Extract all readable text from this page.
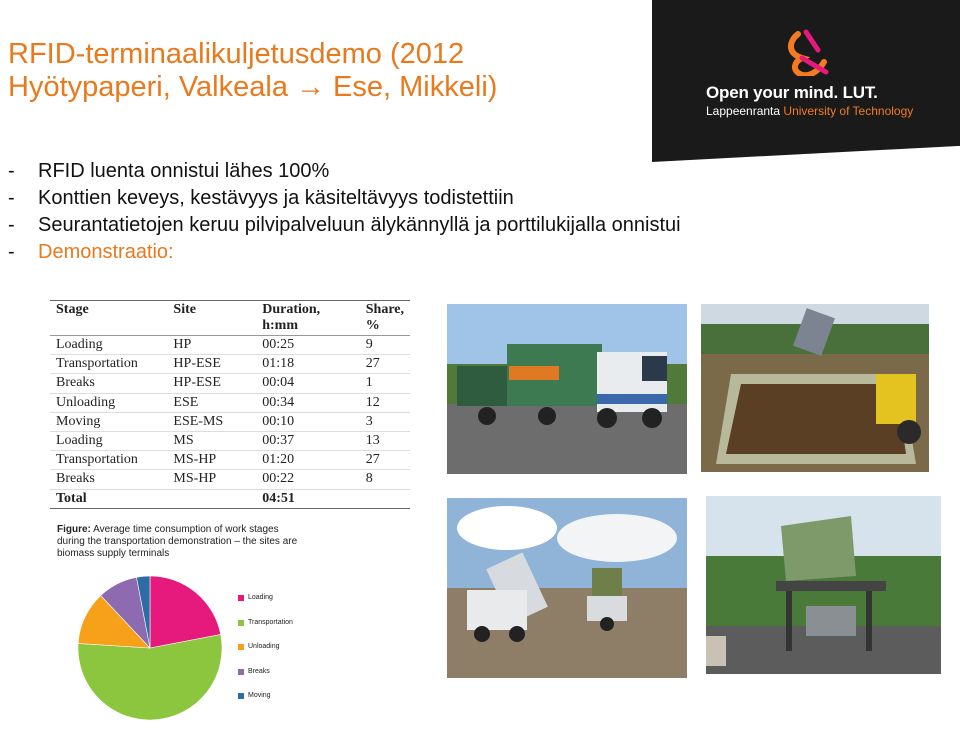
RFID-terminaalikuljetusdemo (2012
Hyötypaperi, Valkeala → Ese, Mikkeli)	Open your mind. LUT.
Lappeenranta University of Technology
-	RFID luenta onnistui lähes 100%
-	Konttien keveys, kestävyys ja käsiteltävyys todistettiin
-	Seurantatietojen keruu pilvipalveluun älykännyllä ja porttilukijalla onnistui
-	Demonstraatio:
Stage	Site	Duration, h:mm	Share, %
Loading	HP	00:25	9
Transportation	HP-ESE	01:18	27
Breaks	HP-ESE	00:04	1
Unloading	ESE	00:34	12
Moving	ESE-MS	00:10	3
Loading	MS	00:37	13
Transportation	MS-HP	01:20	27
Breaks	MS-HP	00:22	8
Total		04:51	
Figure: Average time consumption of work stages during the transportation demonstration – the sites are biomass supply terminals
Loading
Transportation
Unloading
Breaks
Moving
